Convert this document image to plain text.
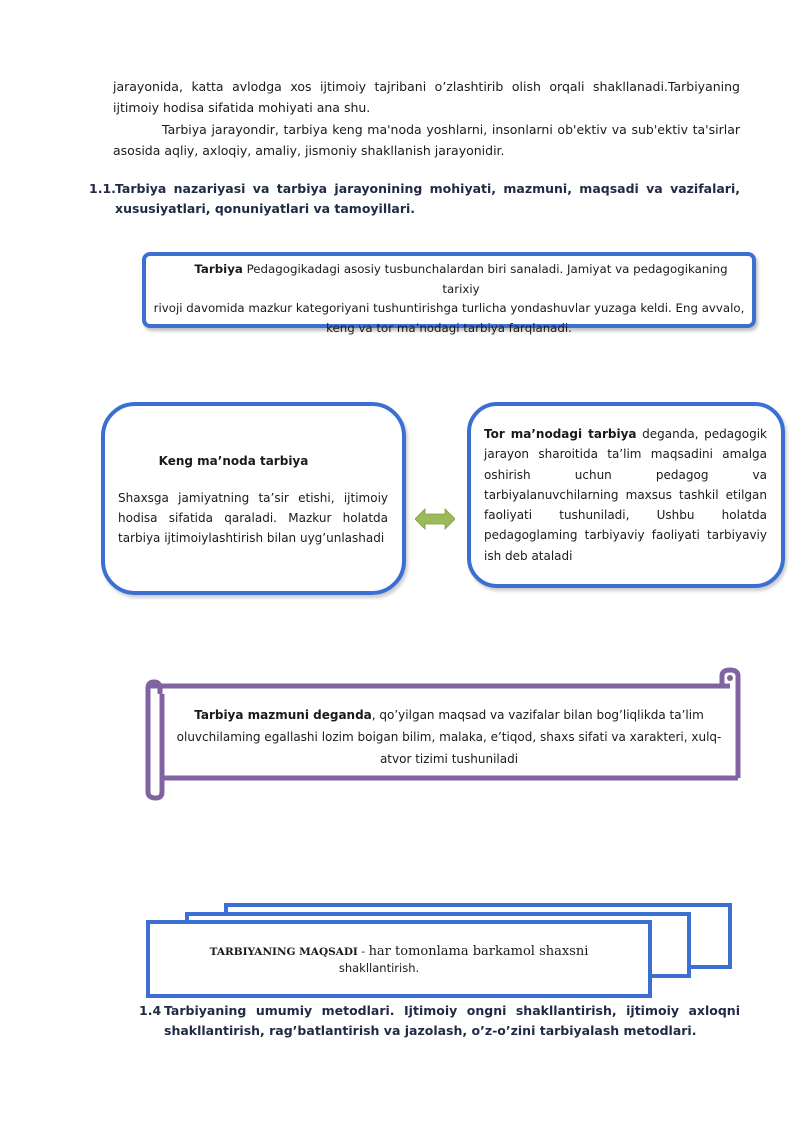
jarayonida, katta avlodga xos ijtimoiy tajribani o’zlashtirib olish orqali shakllanadi.Tarbiyaning ijtimoiy hodisa sifatida mohiyati ana shu.
Tarbiya jarayondir, tarbiya keng ma'noda yoshlarni, insonlarni ob'ektiv va sub'ektiv ta'sirlar asosida aqliy, axloqiy, amaliy, jismoniy shakllanish jarayonidir.
1.1. Tarbiya nazariyasi va tarbiya jarayonining mohiyati, mazmuni, maqsadi va vazifalari, xususiyatlari, qonuniyatlari va tamoyillari.
Tarbiya Pedagogikadagi asosiy tusbunchalardan biri sanaladi. Jamiyat va pedagogikaning tarixiy
rivoji davomida mazkur kategoriyani tushuntirishga turlicha yondashuvlar yuzaga keldi. Eng avvalo,
keng va tor ma’nodagi tarbiya farqlanadi.
Keng ma’noda tarbiya
Shaxsga jamiyatning ta’sir etishi, ijtimoiy hodisa sifatida qaraladi. Mazkur holatda tarbiya ijtimoiylashtirish bilan uyg’unlashadi
Tor ma’nodagi tarbiya deganda, pedagogik jarayon sharoitida ta’lim maqsadini amalga oshirish uchun pedagog va tarbiyalanuvchilarning maxsus tashkil etilgan faoliyati tushuniladi, Ushbu holatda pedagoglaming tarbiyaviy faoliyati tarbiyaviy ish deb ataladi
Tarbiya mazmuni deganda, qo’yilgan maqsad va vazifalar bilan bog’liqlikda ta’lim
oluvchilaming egallashi lozim boigan bilim, malaka, e’tiqod, shaxs sifati va xarakteri, xulq-
atvor tizimi tushuniladi
TARBIYANING MAQSADI - har tomonlama barkamol shaxsni
shakllantirish.
1.4 Tarbiyaning umumiy metodlari. Ijtimoiy ongni shakllantirish, ijtimoiy axloqni shakllantirish, rag’batlantirish va jazolash, o’z-o’zini tarbiyalash metodlari.
